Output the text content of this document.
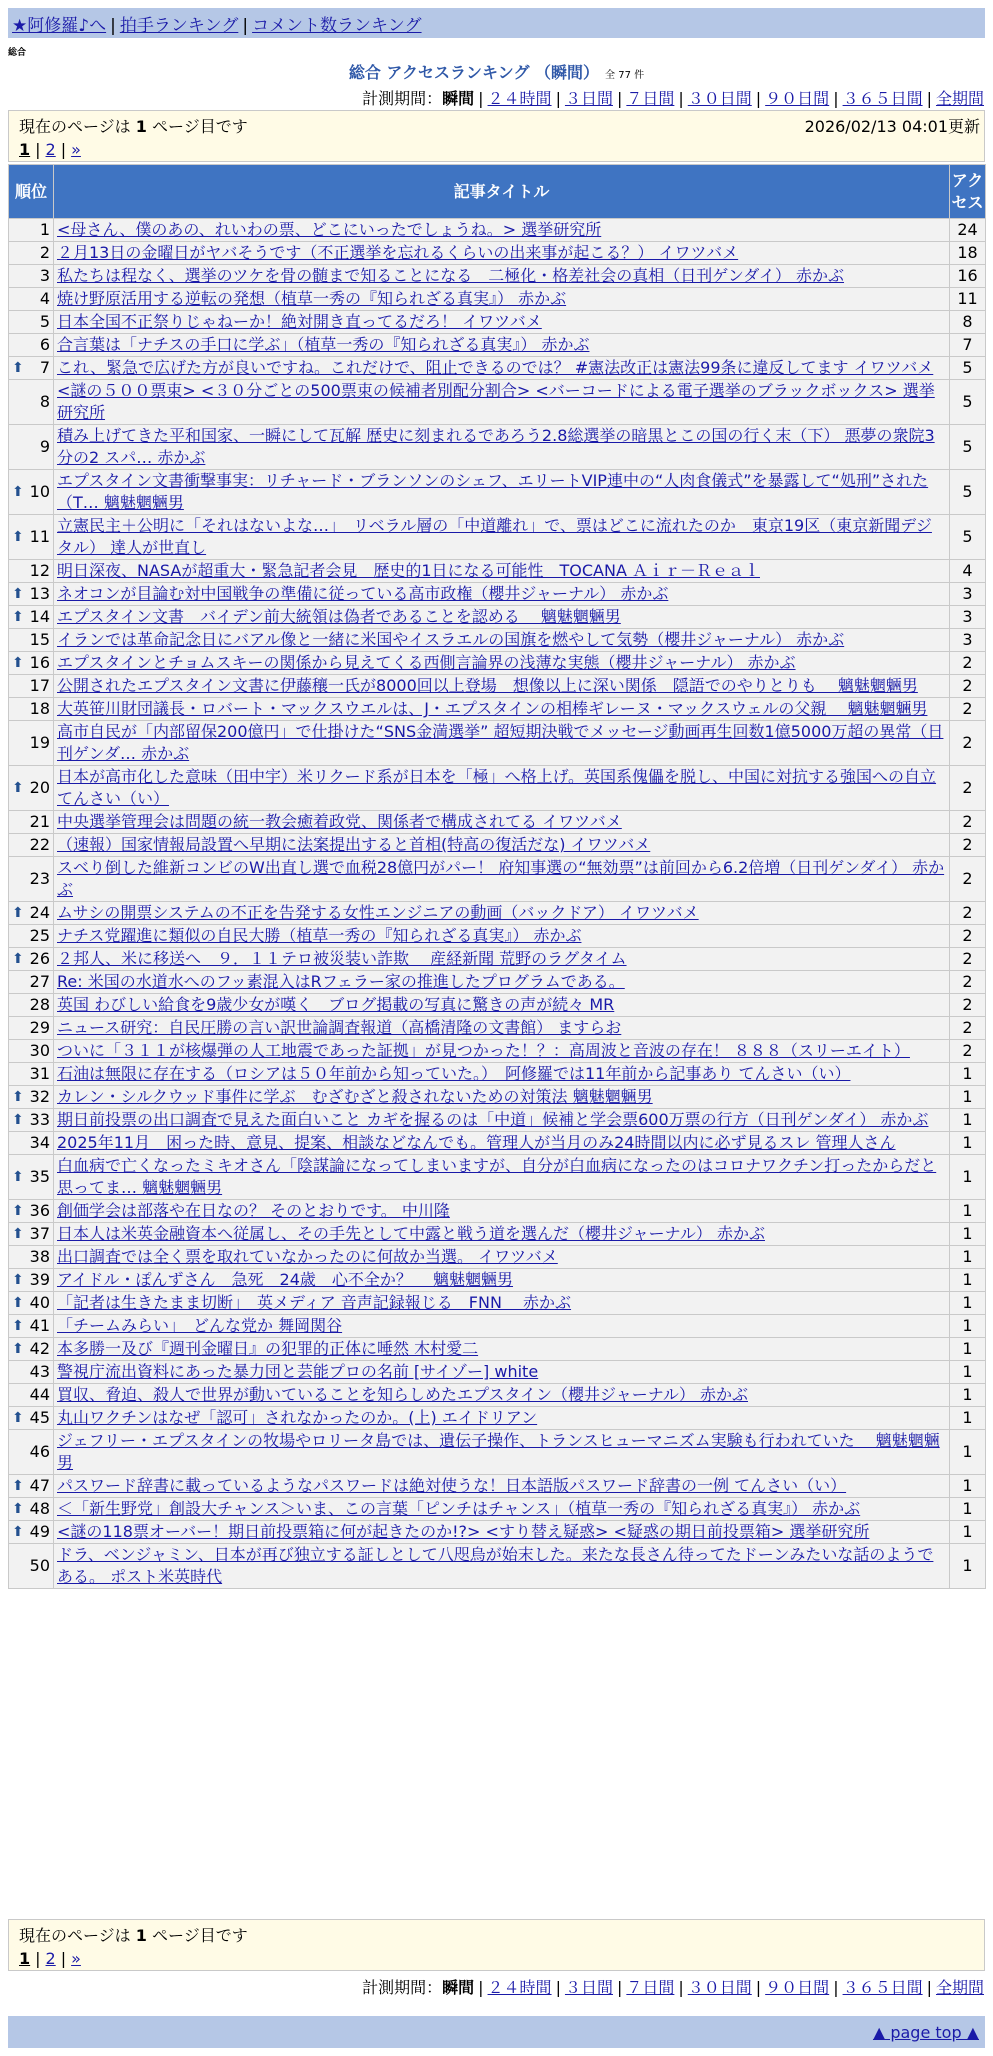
★阿修羅♪へ | 拍手ランキング | コメント数ランキング
総合
総合 アクセスランキング （瞬間） 全 77 件
計測期間：瞬間 | ２４時間 | ３日間 | ７日間 | ３０日間 | ９０日間 | ３６５日間 | 全期間
現在のページは 1 ページ目です	2026/02/13 04:01更新
1 | 2 | »
順位	記事タイトル	アクセス
1	<母さん、僕のあの、れいわの票、どこにいったでしょうね。> 選挙研究所	24
2	２月13日の金曜日がヤバそうです（不正選挙を忘れるくらいの出来事が起こる？） イワツバメ	18
3	私たちは程なく、選挙のツケを骨の髄まで知ることになる　二極化・格差社会の真相（日刊ゲンダイ） 赤かぶ	16
4	焼け野原活用する逆転の発想（植草一秀の『知られざる真実』） 赤かぶ	11
5	日本全国不正祭りじゃねーか！絶対開き直ってるだろ！ イワツバメ	8
6	合言葉は「ナチスの手口に学ぶ」（植草一秀の『知られざる真実』） 赤かぶ	7

⬆ 7	これ、緊急で広げた方が良いですね。これだけで、阻止できるのでは？ #憲法改正は憲法99条に違反してます イワツバメ	5
8	<謎の５００票束> <３０分ごとの500票束の候補者別配分割合> <バーコードによる電子選挙のブラックボックス> 選挙研究所	5
9	積み上げてきた平和国家、一瞬にして瓦解 歴史に刻まれるであろう2.8総選挙の暗黒とこの国の行く末（下） 悪夢の衆院3分の2 スパ… 赤かぶ	5

⬆ 10	エプスタイン文書衝撃事実：リチャード・ブランソンのシェフ、エリートVIP連中の“人肉食儀式”を暴露して“処刑”された（T… 魑魅魍魎男	5

⬆ 11	立憲民主＋公明に「それはないよな…」　リベラル層の「中道離れ」で、票はどこに流れたのか　東京19区（東京新聞デジタル） 達人が世直し	5
12	明日深夜、NASAが超重大・緊急記者会見　歴史的1日になる可能性　TOCANA Ａｉｒ－Ｒｅａｌ	4

⬆ 13	ネオコンが目論む対中国戦争の準備に従っている高市政権（櫻井ジャーナル） 赤かぶ	3

⬆ 14	エプスタイン文書　バイデン前大統領は偽者であることを認める　 魑魅魍魎男	3
15	イランでは革命記念日にバアル像と一緒に米国やイスラエルの国旗を燃やして気勢（櫻井ジャーナル） 赤かぶ	3

⬆ 16	エプスタインとチョムスキーの関係から見えてくる西側言論界の浅薄な実態（櫻井ジャーナル） 赤かぶ	2
17	公開されたエプスタイン文書に伊藤穰一氏が8000回以上登場　想像以上に深い関係　隠語でのやりとりも　 魑魅魍魎男	2
18	大英笹川財団議長・ロバート・マックスウエルは、J・エプスタインの相棒ギレーヌ・マックスウェルの父親　 魑魅魍魎男	2
19	高市自民が「内部留保200億円」で仕掛けた“SNS金満選挙” 超短期決戦でメッセージ動画再生回数1億5000万超の異常（日刊ゲンダ… 赤かぶ	2

⬆ 20	日本が高市化した意味（田中宇）米リクード系が日本を「極」へ格上げ。英国系傀儡を脱し、中国に対抗する強国への自立 てんさい（い）	2
21	中央選挙管理会は問題の統一教会癒着政党、関係者で構成されてる イワツバメ	2
22	（速報）国家情報局設置へ早期に法案提出すると首相(特高の復活だな) イワツバメ	2
23	スベり倒した維新コンビのW出直し選で血税28億円がパー！ 府知事選の“無効票”は前回から6.2倍増（日刊ゲンダイ） 赤かぶ	2

⬆ 24	ムサシの開票システムの不正を告発する女性エンジニアの動画（バックドア） イワツバメ	2
25	ナチス党躍進に類似の自民大勝（植草一秀の『知られざる真実』） 赤かぶ	2

⬆ 26	２邦人、米に移送へ　９．１１テロ被災装い詐欺　 産経新聞 荒野のラグタイム	2
27	Re: 米国の水道水へのフッ素混入はRフェラー家の推進したプログラムである。	2
28	英国 わびしい給食を9歳少女が嘆く　ブログ掲載の写真に驚きの声が続々 MR	2
29	ニュース研究：自民圧勝の言い訳世論調査報道（高橋清隆の文書館） ますらお	2
30	ついに「３１１が核爆弾の人工地震であった証拠」が見つかった！？：高周波と音波の存在！ ８８８（スリーエイト）	2
31	石油は無限に存在する（ロシアは５０年前から知っていた。）　阿修羅では11年前から記事あり てんさい（い）	1

⬆ 32	カレン・シルクウッド事件に学ぶ　むざむざと殺されないための対策法 魑魅魍魎男	1

⬆ 33	期日前投票の出口調査で見えた面白いこと カギを握るのは「中道」候補と学会票600万票の行方（日刊ゲンダイ） 赤かぶ	1
34	2025年11月　困った時、意見、提案、相談などなんでも。管理人が当月のみ24時間以内に必ず見るスレ 管理人さん	1

⬆ 35	白血病で亡くなったミキオさん「陰謀論になってしまいますが、自分が白血病になったのはコロナワクチン打ったからだと思ってま… 魑魅魍魎男	1

⬆ 36	創価学会は部落や在日なの？ そのとおりです。 中川隆	1

⬆ 37	日本人は米英金融資本へ従属し、その手先として中露と戦う道を選んだ（櫻井ジャーナル） 赤かぶ	1
38	出口調査では全く票を取れていなかったのに何故か当選。 イワツバメ	1

⬆ 39	アイドル・ぽんずさん　急死　24歳　心不全か？　 魑魅魍魎男	1

⬆ 40	「記者は生きたまま切断」　英メディア 音声記録報じる　FNN　 赤かぶ	1

⬆ 41	「チームみらい」　どんな党か 舞岡関谷	1

⬆ 42	本多勝一及び『週刊金曜日』の犯罪的正体に唾然 木村愛二	1
43	警視庁流出資料にあった暴力団と芸能プロの名前 [サイゾー] white	1
44	買収、脅迫、殺人で世界が動いていることを知らしめたエプスタイン（櫻井ジャーナル） 赤かぶ	1

⬆ 45	丸山ワクチンはなぜ「認可」されなかったのか。(上) エイドリアン	1
46	ジェフリー・エプスタインの牧場やロリータ島では、遺伝子操作、トランスヒューマニズム実験も行われていた　 魑魅魍魎男	1

⬆ 47	パスワード辞書に載っているようなパスワードは絶対使うな！日本語版パスワード辞書の一例 てんさい（い）	1

⬆ 48	＜「新生野党」創設大チャンス＞いま、この言葉「ピンチはチャンス」（植草一秀の『知られざる真実』） 赤かぶ	1

⬆ 49	<謎の118票オーバー！期日前投票箱に何が起きたのか!?> <すり替え疑惑> <疑惑の期日前投票箱> 選挙研究所	1
50	ドラ、ベンジャミン、日本が再び独立する証しとして八咫烏が始末した。来たな長さん待ってたドーンみたいな話のようである。 ポスト米英時代	1
現在のページは 1 ページ目です
1 | 2 | »
計測期間：瞬間 | ２４時間 | ３日間 | ７日間 | ３０日間 | ９０日間 | ３６５日間 | 全期間
▲ page top ▲
